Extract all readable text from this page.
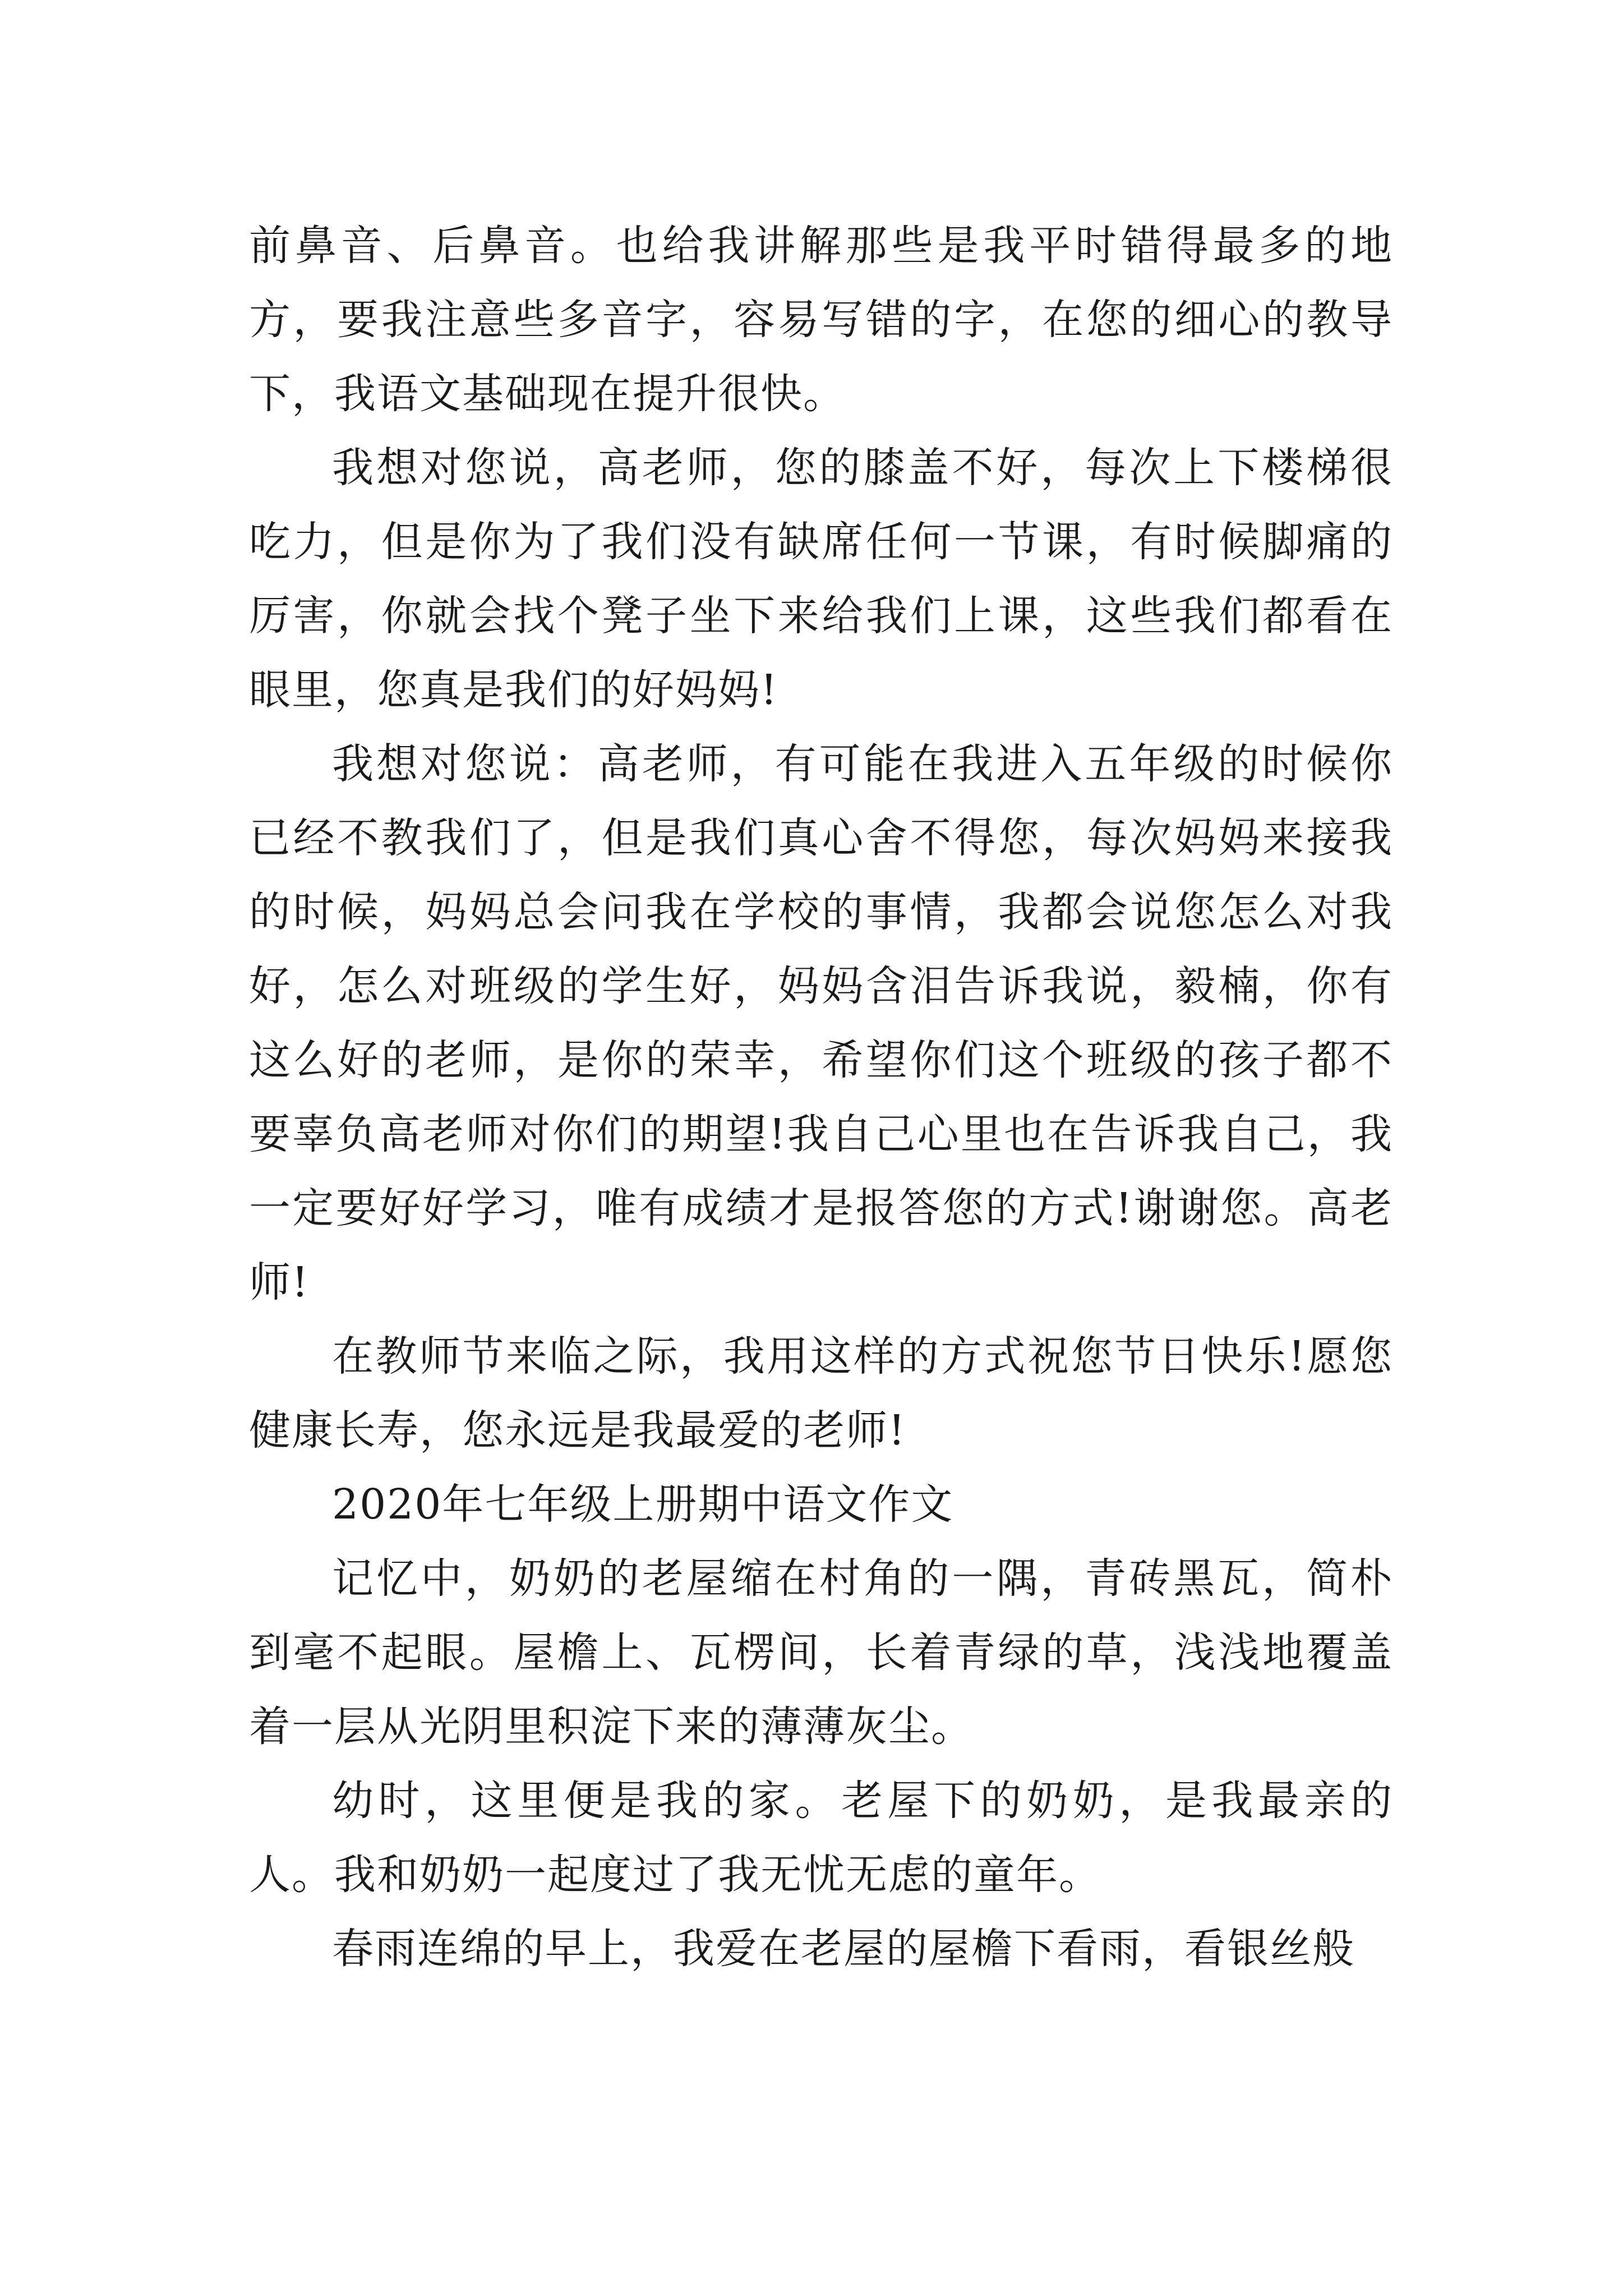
前鼻音、后鼻音。也给我讲解那些是我平时错得最多的地方，要我注意些多音字，容易写错的字，在您的细心的教导下，我语文基础现在提升很快。

我想对您说，高老师，您的膝盖不好，每次上下楼梯很吃力，但是你为了我们没有缺席任何一节课，有时候脚痛的厉害，你就会找个凳子坐下来给我们上课，这些我们都看在眼里，您真是我们的好妈妈!

我想对您说：高老师，有可能在我进入五年级的时候你已经不教我们了，但是我们真心舍不得您，每次妈妈来接我的时候，妈妈总会问我在学校的事情，我都会说您怎么对我好，怎么对班级的学生好，妈妈含泪告诉我说，毅楠，你有这么好的老师，是你的荣幸，希望你们这个班级的孩子都不要辜负高老师对你们的期望!我自己心里也在告诉我自己，我一定要好好学习，唯有成绩才是报答您的方式!谢谢您。高老师!

在教师节来临之际，我用这样的方式祝您节日快乐!愿您健康长寿，您永远是我最爱的老师!

2020年七年级上册期中语文作文

记忆中，奶奶的老屋缩在村角的一隅，青砖黑瓦，简朴到毫不起眼。屋檐上、瓦楞间，长着青绿的草，浅浅地覆盖着一层从光阴里积淀下来的薄薄灰尘。

幼时，这里便是我的家。老屋下的奶奶，是我最亲的人。我和奶奶一起度过了我无忧无虑的童年。

春雨连绵的早上，我爱在老屋的屋檐下看雨，看银丝般
